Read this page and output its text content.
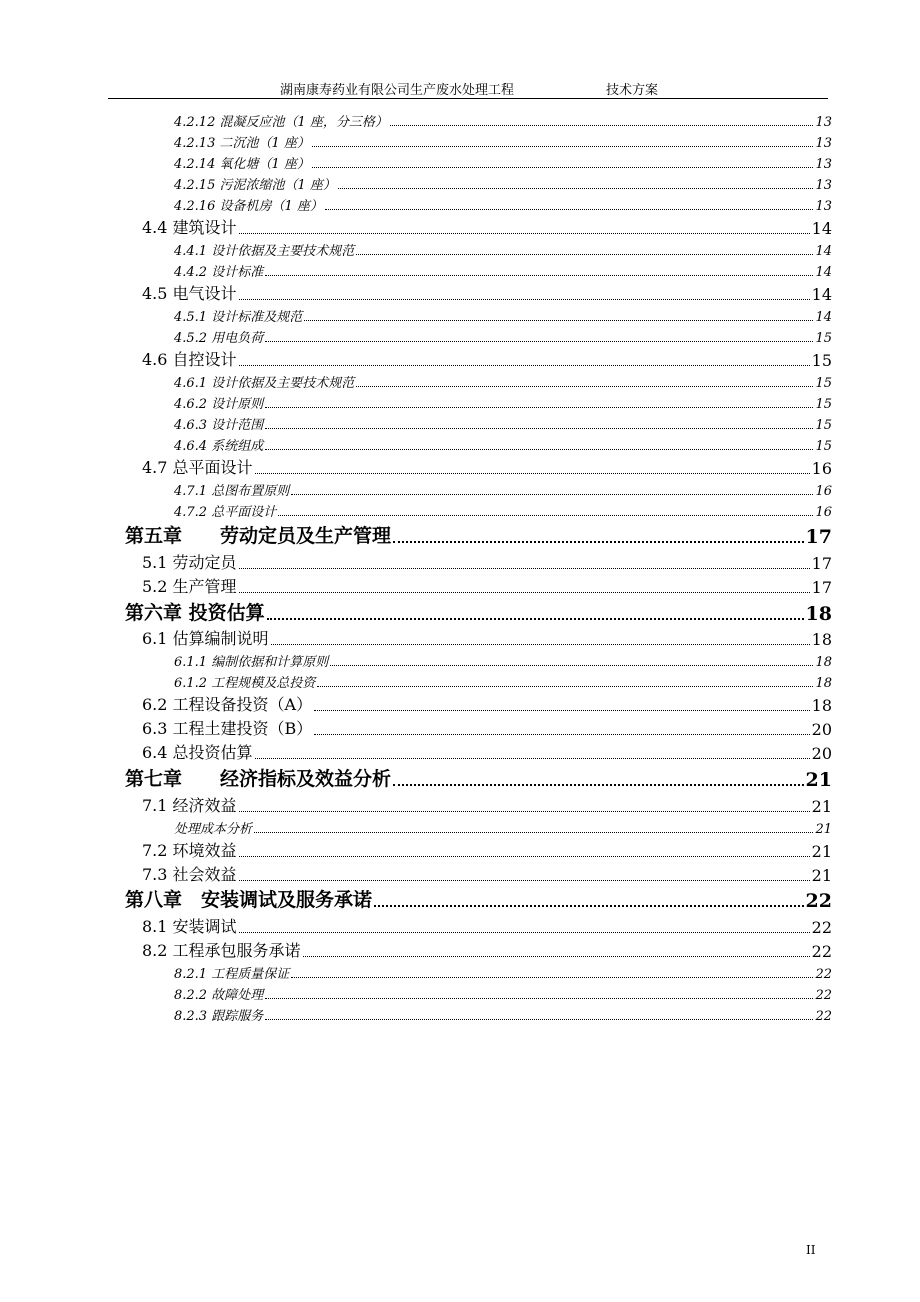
湖南康寿药业有限公司生产废水处理工程	技术方案
4.2.12 混凝反应池（1 座，分三格）	13
4.2.13 二沉池（1 座）	13
4.2.14 氧化塘（1 座）	13
4.2.15 污泥浓缩池（1 座）	13
4.2.16 设备机房（1 座）	13
4.4 建筑设计	14
4.4.1 设计依据及主要技术规范	14
4.4.2 设计标准	14
4.5 电气设计	14
4.5.1 设计标准及规范	14
4.5.2 用电负荷	15
4.6 自控设计	15
4.6.1 设计依据及主要技术规范	15
4.6.2 设计原则	15
4.6.3 设计范围	15
4.6.4 系统组成	15
4.7 总平面设计	16
4.7.1 总图布置原则	16
4.7.2 总平面设计	16
第五章　　劳动定员及生产管理	17
5.1 劳动定员	17
5.2 生产管理	17
第六章 投资估算	18
6.1 估算编制说明	18
6.1.1 编制依据和计算原则	18
6.1.2 工程规模及总投资	18
6.2 工程设备投资（A）	18
6.3 工程土建投资（B）	20
6.4 总投资估算	20
第七章　　经济指标及效益分析	21
7.1 经济效益	21
处理成本分析	21
7.2 环境效益	21
7.3 社会效益	21
第八章　安装调试及服务承诺	22
8.1 安装调试	22
8.2 工程承包服务承诺	22
8.2.1 工程质量保证	22
8.2.2 故障处理	22
8.2.3 跟踪服务	22
II
